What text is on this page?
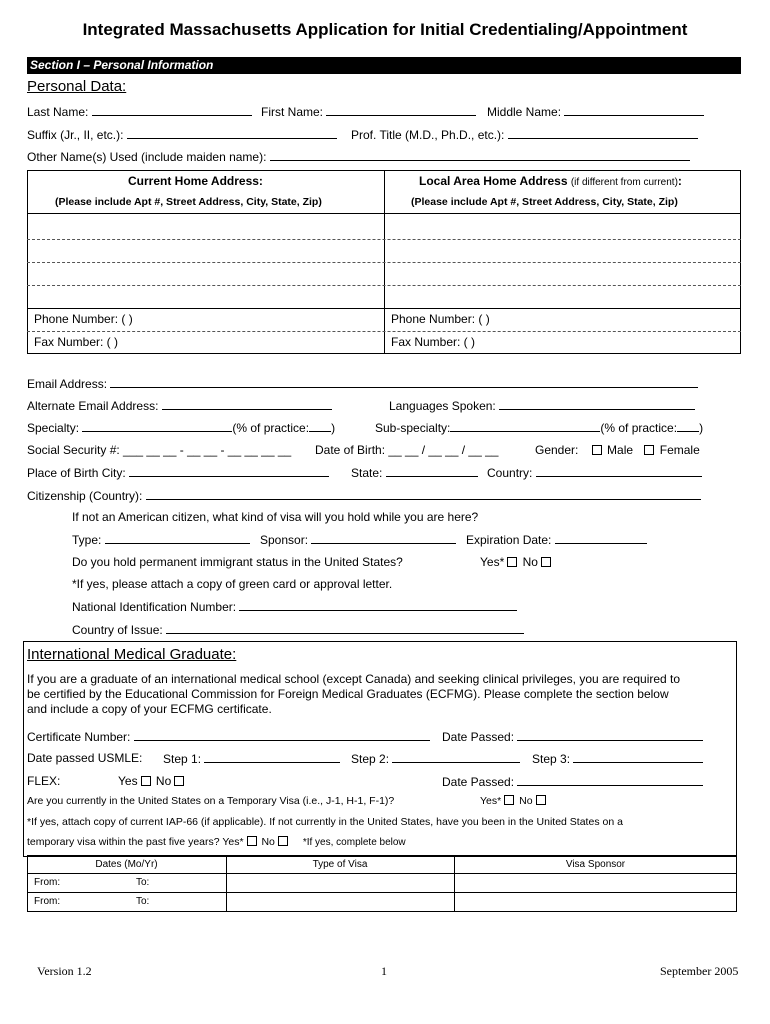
Integrated Massachusetts Application for Initial Credentialing/Appointment
Section I – Personal Information
Personal Data:
Last Name:	First Name:	Middle Name:
Suffix (Jr., II, etc.):	Prof. Title (M.D., Ph.D., etc.):
Other Name(s) Used (include maiden name):
Current Home Address:	Local Area Home Address (if different from current):
(Please include Apt #, Street Address, City, State, Zip)	(Please include Apt #, Street Address, City, State, Zip)
Phone Number: ( )	Phone Number: ( )
Fax Number: ( )	Fax Number: ( )
Email Address:
Alternate Email Address:	Languages Spoken:
Specialty:	(% of practice: )	Sub-specialty:	(% of practice: )
Social Security #: ___ __ __ - __ __ - __ __ __ __ Date of Birth: __ __ / __ __ / __ __	Gender: Male Female
Place of Birth City:	State:	Country:
Citizenship (Country):
If not an American citizen, what kind of visa will you hold while you are here?
Type:	Sponsor:	Expiration Date:
Do you hold permanent immigrant status in the United States?	Yes* No
*If yes, please attach a copy of green card or approval letter.
National Identification Number:
Country of Issue:
International Medical Graduate:
If you are a graduate of an international medical school (except Canada) and seeking clinical privileges, you are required to
be certified by the Educational Commission for Foreign Medical Graduates (ECFMG). Please complete the section below
and include a copy of your ECFMG certificate.
Certificate Number:	Date Passed:
Date passed USMLE: Step 1:	Step 2:	Step 3:
FLEX:	Yes No	Date Passed:
Are you currently in the United States on a Temporary Visa (i.e., J-1, H-1, F-1)?	Yes* No
*If yes, attach copy of current IAP-66 (if applicable). If not currently in the United States, have you been in the United States on a
temporary visa within the past five years? Yes* No	*If yes, complete below
Dates (Mo/Yr)	Type of Visa	Visa Sponsor
From:	To:
From:	To:
Version 1.2	1	September 2005
